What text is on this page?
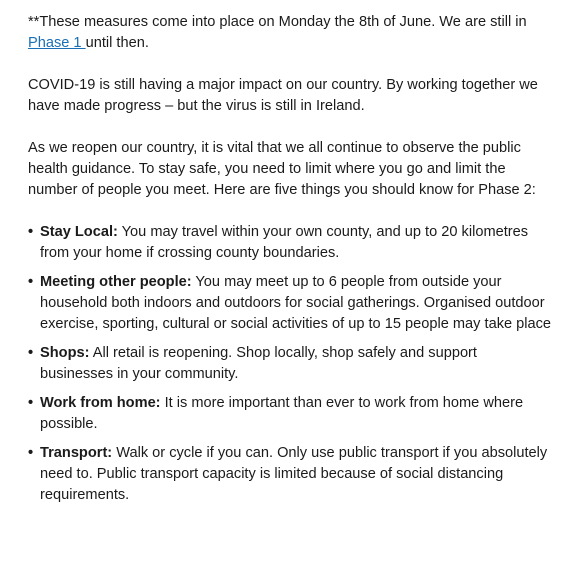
**These measures come into place on Monday the 8th of June. We are still in Phase 1 until then.

COVID-19 is still having a major impact on our country. By working together we have made progress – but the virus is still in Ireland.

As we reopen our country, it is vital that we all continue to observe the public health guidance. To stay safe, you need to limit where you go and limit the number of people you meet. Here are five things you should know for Phase 2:

• Stay Local: You may travel within your own county, and up to 20 kilometres from your home if crossing county boundaries.
• Meeting other people: You may meet up to 6 people from outside your household both indoors and outdoors for social gatherings. Organised outdoor exercise, sporting, cultural or social activities of up to 15 people may take place
• Shops: All retail is reopening. Shop locally, shop safely and support businesses in your community.
• Work from home: It is more important than ever to work from home where possible.
• Transport: Walk or cycle if you can. Only use public transport if you absolutely need to. Public transport capacity is limited because of social distancing requirements.
